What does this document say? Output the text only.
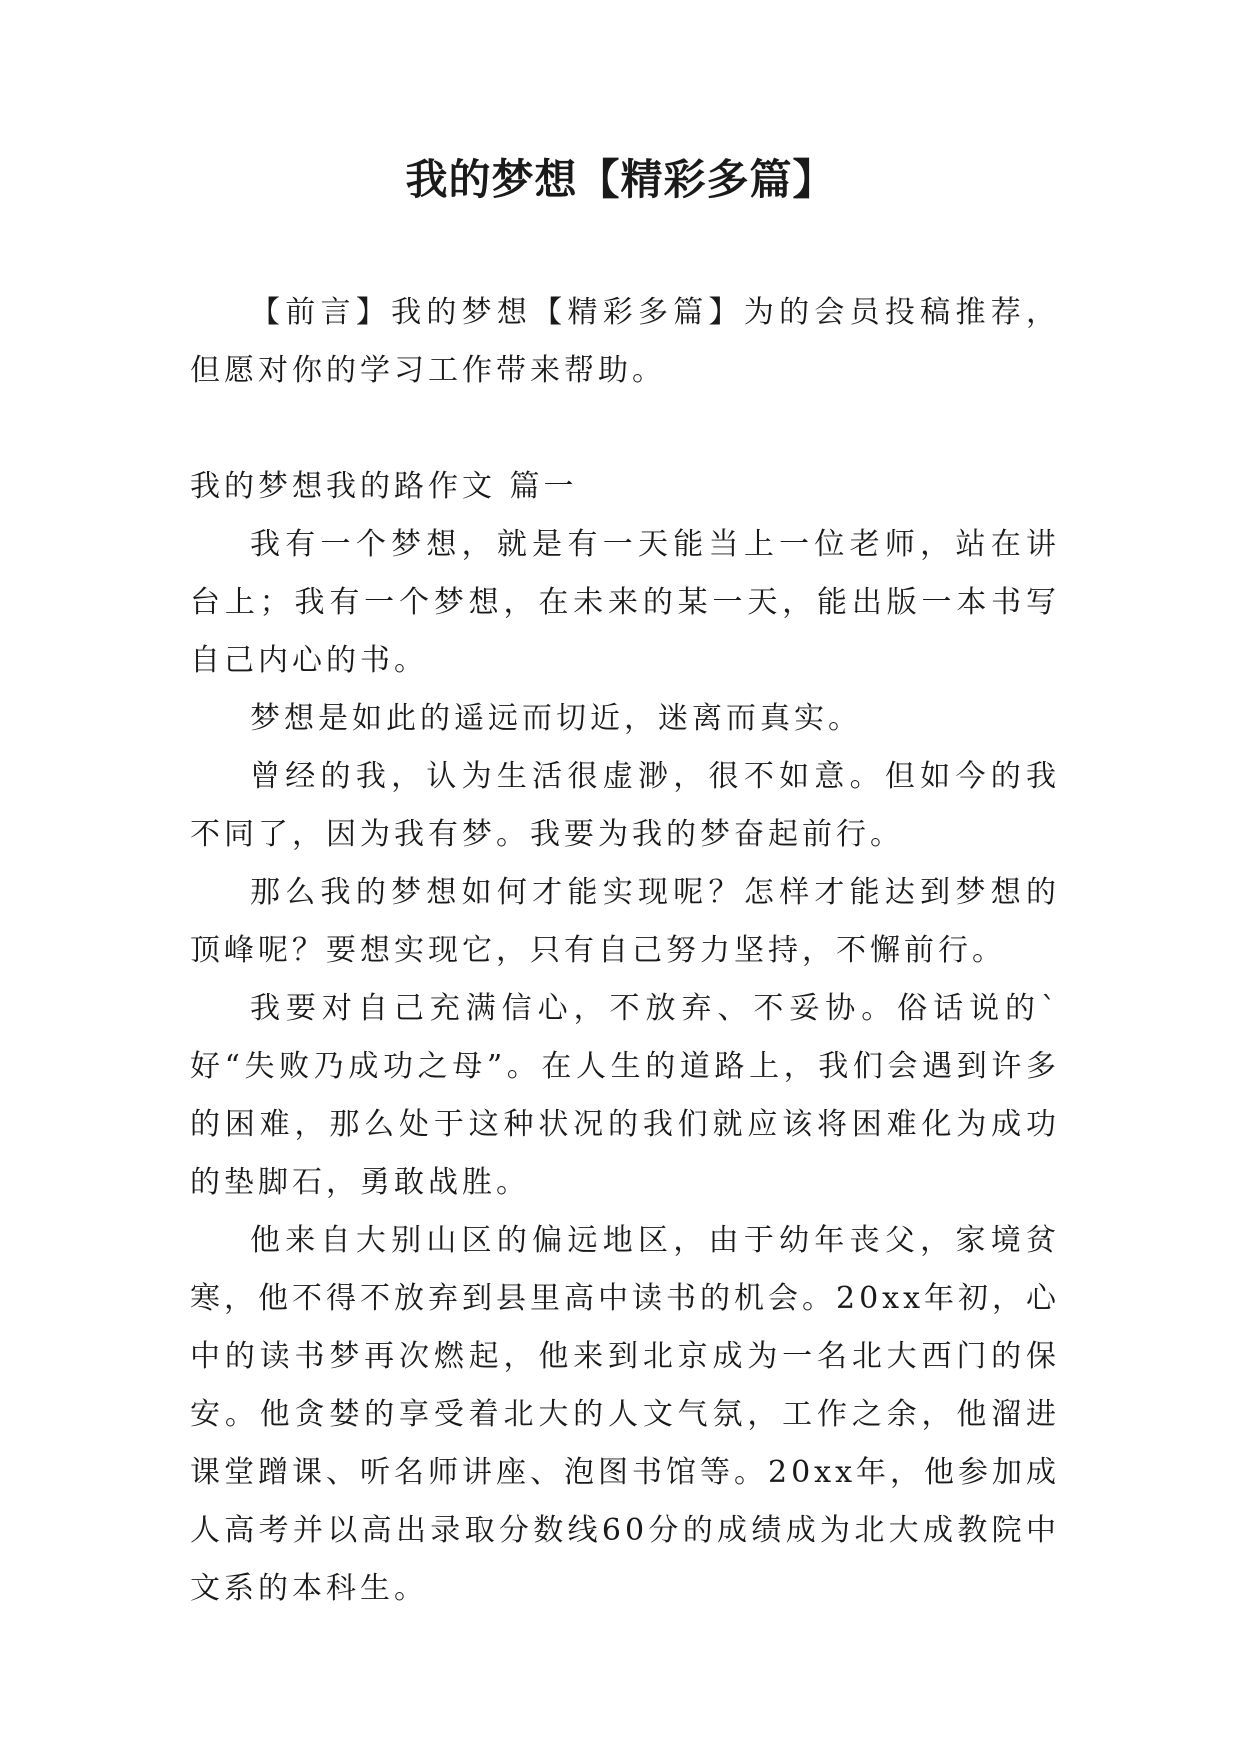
我的梦想【精彩多篇】

【前言】我的梦想【精彩多篇】为的会员投稿推荐，但愿对你的学习工作带来帮助。

我的梦想我的路作文 篇一

我有一个梦想，就是有一天能当上一位老师，站在讲台上；我有一个梦想，在未来的某一天，能出版一本书写自己内心的书。

梦想是如此的遥远而切近，迷离而真实。

曾经的我，认为生活很虚渺，很不如意。但如今的我不同了，因为我有梦。我要为我的梦奋起前行。

那么我的梦想如何才能实现呢？怎样才能达到梦想的顶峰呢？要想实现它，只有自己努力坚持，不懈前行。

我要对自己充满信心，不放弃、不妥协。俗话说的`好“失败乃成功之母”。在人生的道路上，我们会遇到许多的困难，那么处于这种状况的我们就应该将困难化为成功的垫脚石，勇敢战胜。

他来自大别山区的偏远地区，由于幼年丧父，家境贫寒，他不得不放弃到县里高中读书的机会。20xx年初，心中的读书梦再次燃起，他来到北京成为一名北大西门的保安。他贪婪的享受着北大的人文气氛，工作之余，他溜进课堂蹭课、听名师讲座、泡图书馆等。20xx年，他参加成人高考并以高出录取分数线60分的成绩成为北大成教院中文系的本科生。
